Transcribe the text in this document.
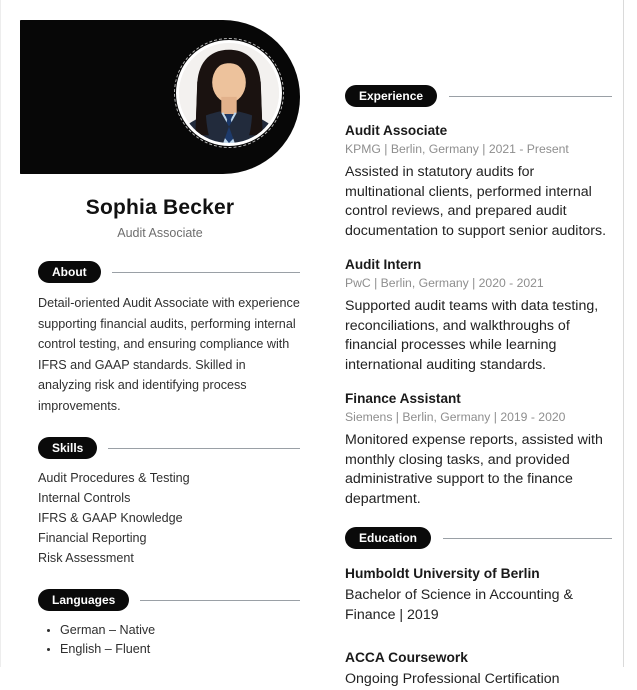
Sophia Becker
Audit Associate
About
Detail-oriented Audit Associate with experience supporting financial audits, performing internal control testing, and ensuring compliance with IFRS and GAAP standards. Skilled in analyzing risk and identifying process improvements.
Skills
Audit Procedures & Testing
Internal Controls
IFRS & GAAP Knowledge
Financial Reporting
Risk Assessment
Languages
• German – Native
• English – Fluent
Experience
Audit Associate
KPMG | Berlin, Germany | 2021 - Present
Assisted in statutory audits for multinational clients, performed internal control reviews, and prepared audit documentation to support senior auditors.
Audit Intern
PwC | Berlin, Germany | 2020 - 2021
Supported audit teams with data testing, reconciliations, and walkthroughs of financial processes while learning international auditing standards.
Finance Assistant
Siemens | Berlin, Germany | 2019 - 2020
Monitored expense reports, assisted with monthly closing tasks, and provided administrative support to the finance department.
Education
Humboldt University of Berlin
Bachelor of Science in Accounting & Finance | 2019
ACCA Coursework
Ongoing Professional Certification
